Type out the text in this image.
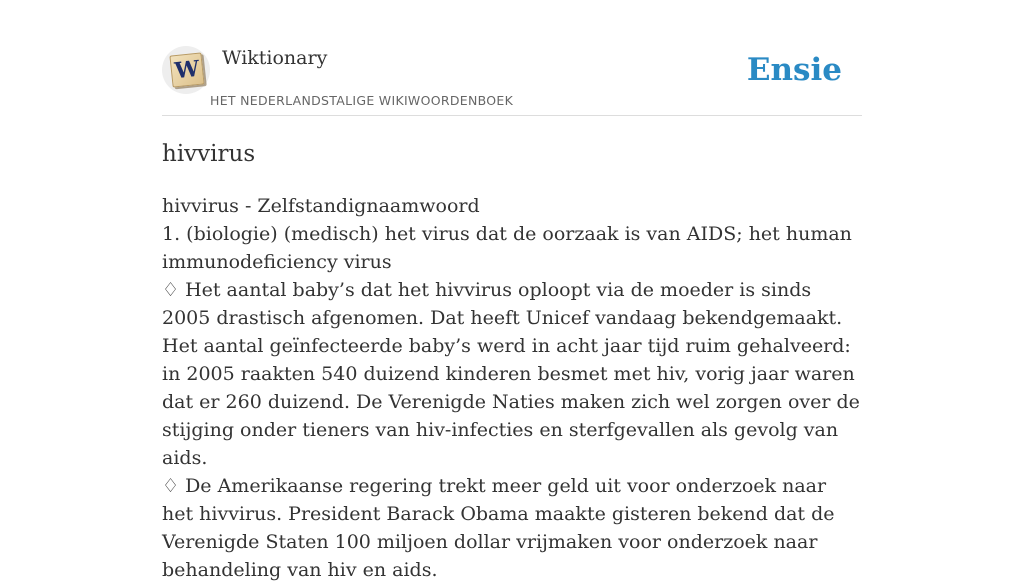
W Wiktionary
HET NEDERLANDSTALIGE WIKIWOORDENBOEK
Ensie
hivvirus

hivvirus - Zelfstandignaamwoord

1. (biologie) (medisch) het virus dat de oorzaak is van AIDS; het human immunodeficiency virus

♢ Het aantal baby’s dat het hivvirus oploopt via de moeder is sinds 2005 drastisch afgenomen. Dat heeft Unicef vandaag bekendgemaakt. Het aantal geïnfecteerde baby’s werd in acht jaar tijd ruim gehalveerd: in 2005 raakten 540 duizend kinderen besmet met hiv, vorig jaar waren dat er 260 duizend. De Verenigde Naties maken zich wel zorgen over de stijging onder tieners van hiv-infecties en sterfgevallen als gevolg van aids.

♢ De Amerikaanse regering trekt meer geld uit voor onderzoek naar het hivvirus. President Barack Obama maakte gisteren bekend dat de Verenigde Staten 100 miljoen dollar vrijmaken voor onderzoek naar behandeling van hiv en aids.
